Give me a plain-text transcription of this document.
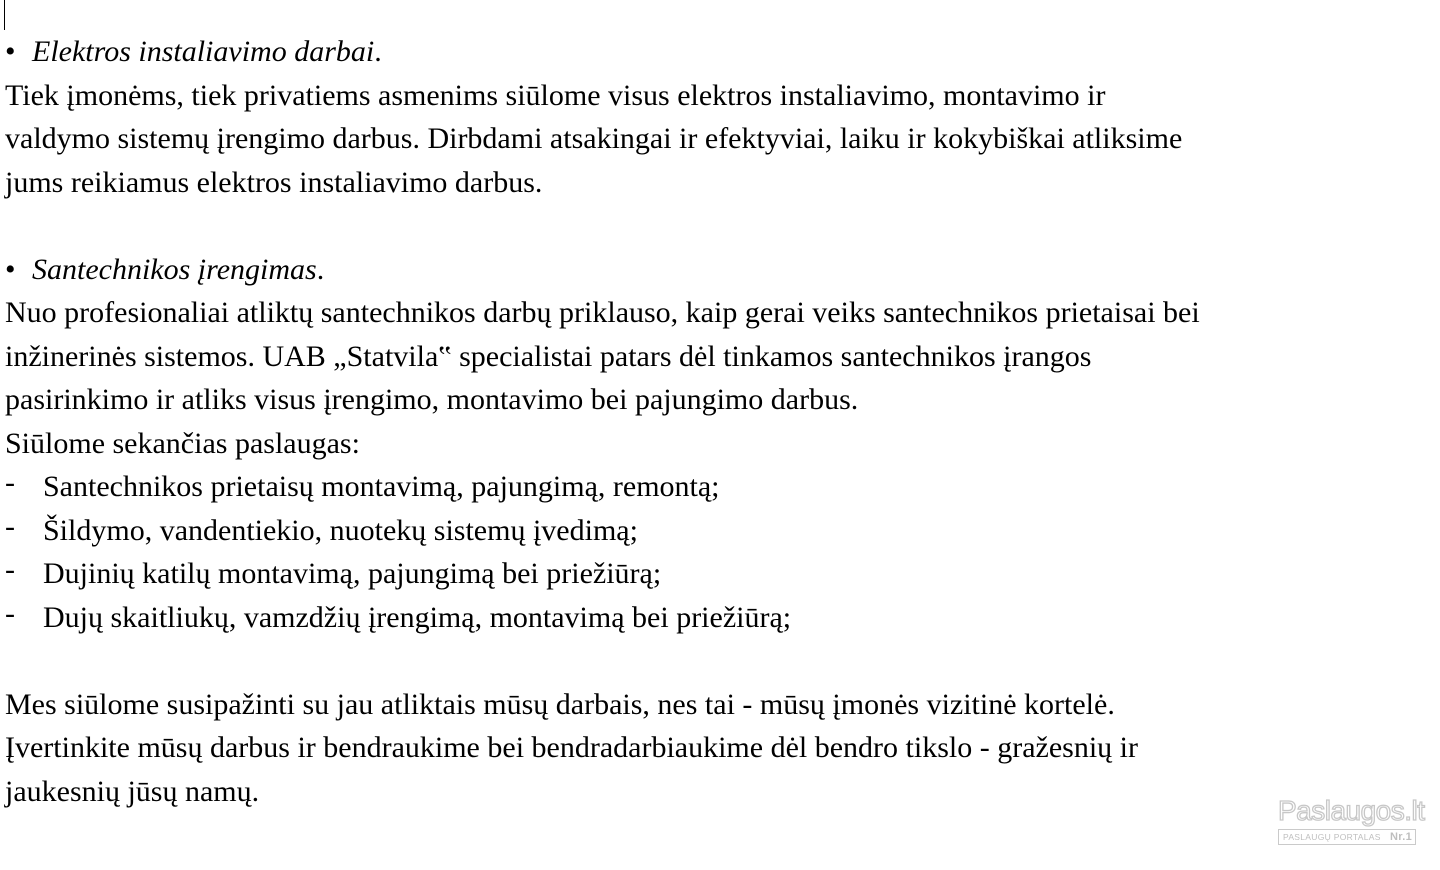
• Elektros instaliavimo darbai.
Tiek įmonėms, tiek privatiems asmenims siūlome visus elektros instaliavimo, montavimo ir
valdymo sistemų įrengimo darbus. Dirbdami atsakingai ir efektyviai, laiku ir kokybiškai atliksime
jums reikiamus elektros instaliavimo darbus.
• Santechnikos įrengimas.
Nuo profesionaliai atliktų santechnikos darbų priklauso, kaip gerai veiks santechnikos prietaisai bei
inžinerinės sistemos. UAB „Statvila‟ specialistai patars dėl tinkamos santechnikos įrangos
pasirinkimo ir atliks visus įrengimo, montavimo bei pajungimo darbus.
Siūlome sekančias paslaugas:
- Santechnikos prietaisų montavimą, pajungimą, remontą;
- Šildymo, vandentiekio, nuotekų sistemų įvedimą;
- Dujinių katilų montavimą, pajungimą bei priežiūrą;
- Dujų skaitliukų, vamzdžių įrengimą, montavimą bei priežiūrą;
Mes siūlome susipažinti su jau atliktais mūsų darbais, nes tai - mūsų įmonės vizitinė kortelė.
Įvertinkite mūsų darbus ir bendraukime bei bendradarbiaukime dėl bendro tikslo - gražesnių ir
jaukesnių jūsų namų.
Paslaugos.lt
PASLAUGŲ PORTALAS Nr.1
